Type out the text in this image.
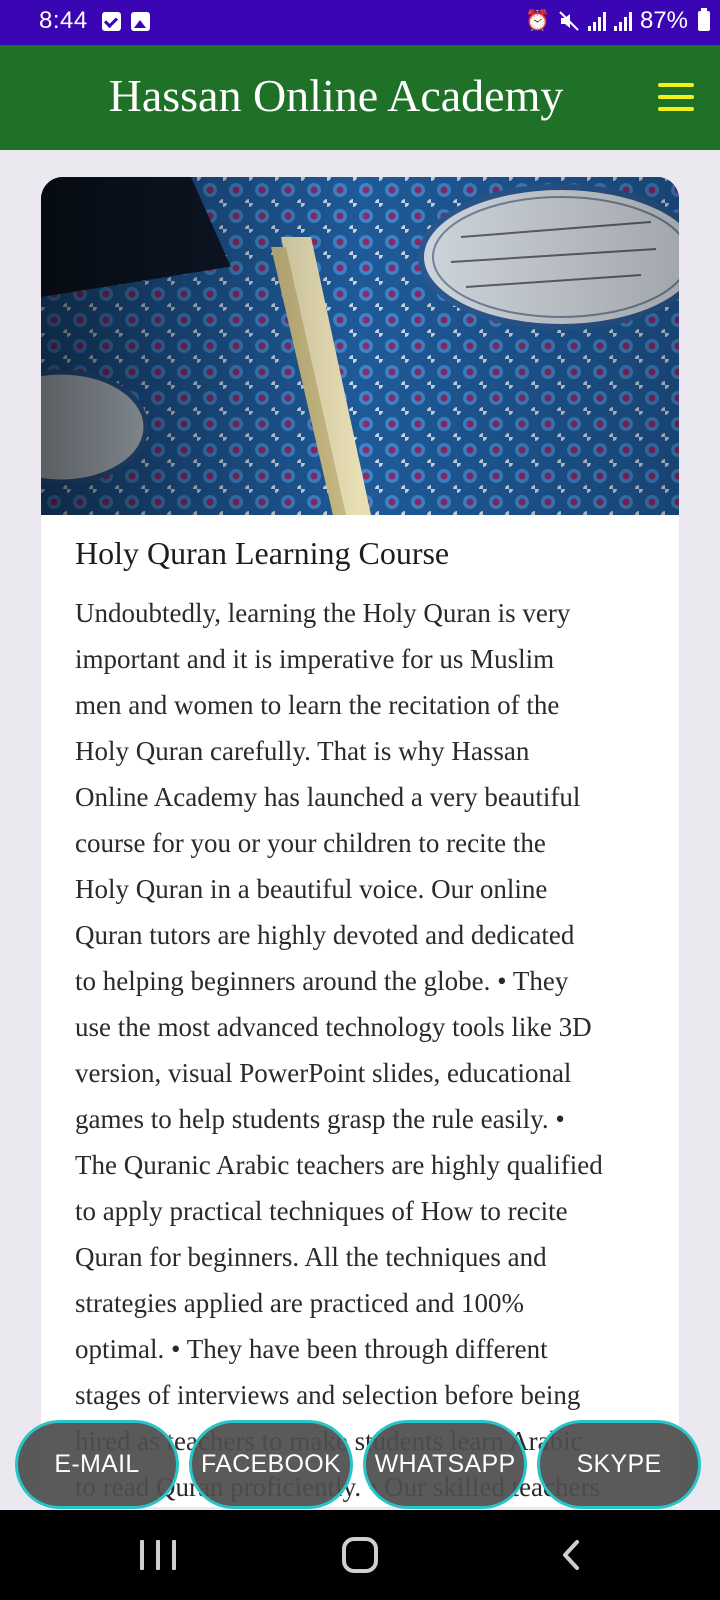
8:44	⏰	87%
Hassan Online Academy
Holy Quran Learning Course
Undoubtedly, learning the Holy Quran is very
important and it is imperative for us Muslim
men and women to learn the recitation of the
Holy Quran carefully. That is why Hassan
Online Academy has launched a very beautiful
course for you or your children to recite the
Holy Quran in a beautiful voice. Our online
Quran tutors are highly devoted and dedicated
to helping beginners around the globe. • They
use the most advanced technology tools like 3D
version, visual PowerPoint slides, educational
games to help students grasp the rule easily. •
The Quranic Arabic teachers are highly qualified
to apply practical techniques of How to recite
Quran for beginners. All the techniques and
strategies applied are practiced and 100%
optimal. • They have been through different
stages of interviews and selection before being
Quran
E-MAIL	FACEBOOK	WHATSAPP	SKYPE
